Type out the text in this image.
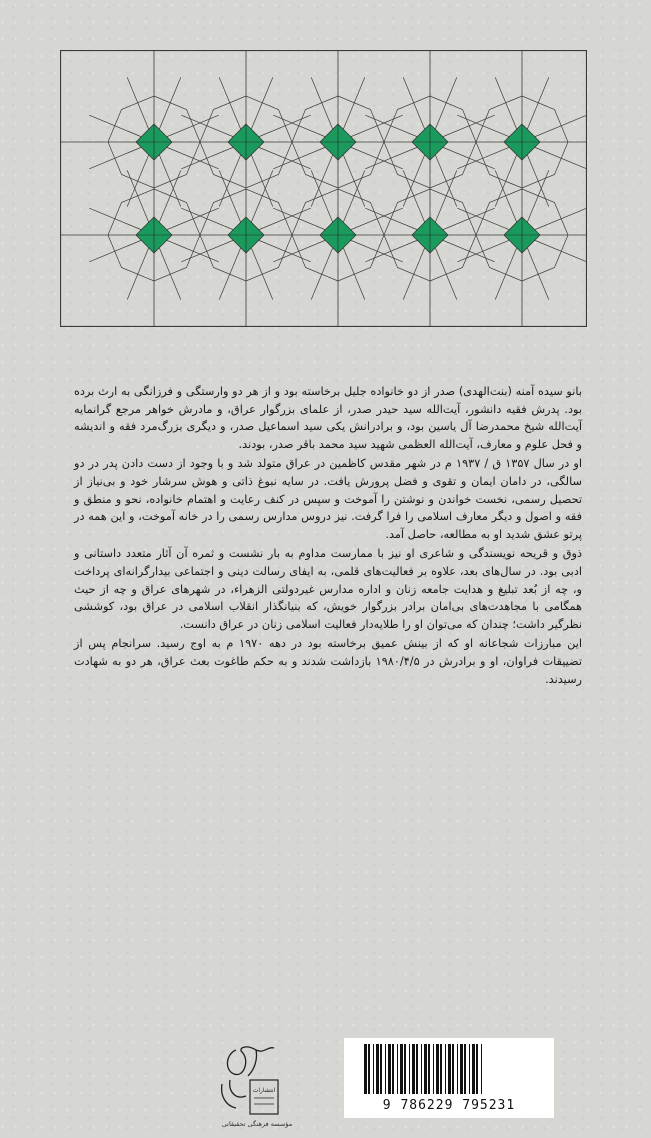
بانو سیده آمنه (بنت‌الهدی) صدر از دو خانواده جلیل برخاسته بود و از هر دو وارستگی و فرزانگی به ارث برده بود. پدرش فقیه دانشور، آیت‌الله سید حیدر صدر، از علمای بزرگوار عراق، و مادرش خواهر مرجع گرانمایه آیت‌الله شیخ محمدرضا آل یاسین بود، و برادرانش یکی سید اسماعیل صدر، و دیگری بزرگ‌مرد فقه و اندیشه و فحل علوم و معارف، آیت‌الله العظمی شهید سید محمد باقر صدر، بودند.

او در سال ۱۳۵۷ ق / ۱۹۳۷ م در شهر مقدس کاظمین در عراق متولد شد و با وجود از دست دادن پدر در دو سالگی، در دامان ایمان و تقوی و فضل پرورش یافت. در سایه نبوغ ذاتی و هوش سرشار خود و بی‌نیاز از تحصیل رسمی، نخست خواندن و نوشتن را آموخت و سپس در کنف رعایت و اهتمام خانواده، نحو و منطق و فقه و اصول و دیگر معارف اسلامی را فرا گرفت. نیز دروس مدارس رسمی را در خانه آموخت، و این همه در پرتو عشق شدید او به مطالعه، حاصل آمد.

ذوق و قریحه نویسندگی و شاعری او نیز با ممارست مداوم به بار نشست و ثمره آن آثار متعدد داستانی و ادبی بود. در سال‌های بعد، علاوه بر فعالیت‌های قلمی، به ایفای رسالت دینی و اجتماعی بیدارگرانه‌ای پرداخت و، چه از بُعد تبلیغ و هدایت جامعه زنان و اداره مدارس غیردولتی الزهراء، در شهرهای عراق و چه از حیث همگامی با مجاهدت‌های بی‌امان برادر بزرگوار خویش، که بنیانگذار انقلاب اسلامی در عراق بود، کوششی نظرگیر داشت؛ چندان که می‌توان او را طلایه‌دار فعالیت اسلامی زنان در عراق دانست.

این مبارزات شجاعانه او که از بینش عمیق برخاسته بود در دهه ۱۹۷۰ م به اوج رسید. سرانجام پس از تضییقات فراوان، او و برادرش در ۱۹۸۰/۴/۵ بازداشت شدند و به حکم طاغوت بعث عراق، هر دو به شهادت رسیدند.

انتشارات
مؤسسه فرهنگی تحقیقاتی
9 786229 795231
